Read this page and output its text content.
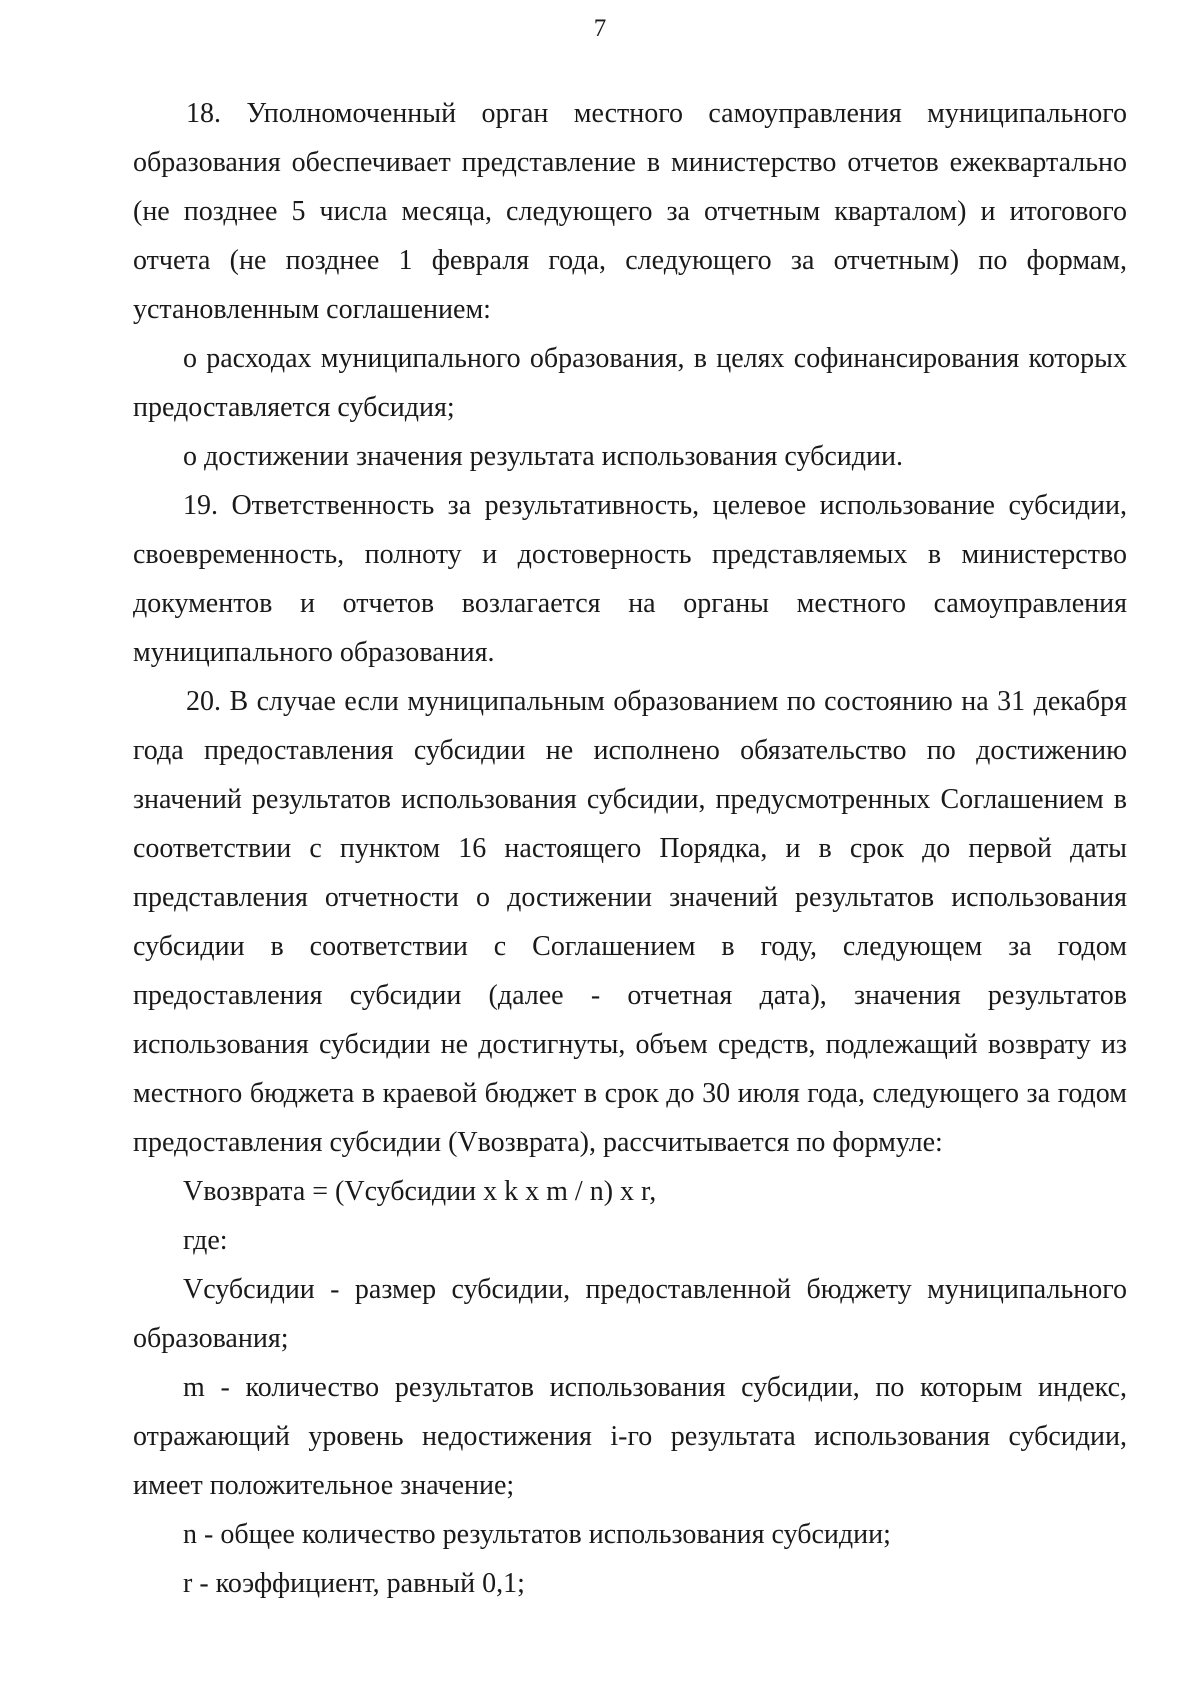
7

18. Уполномоченный орган местного самоуправления муниципального образования обеспечивает представление в министерство отчетов ежеквартально (не позднее 5 числа месяца, следующего за отчетным кварталом) и итогового отчета (не позднее 1 февраля года, следующего за отчетным) по формам, установленным соглашением:

о расходах муниципального образования, в целях софинансирования которых предоставляется субсидия;

о достижении значения результата использования субсидии.

19. Ответственность за результативность, целевое использование субсидии, своевременность, полноту и достоверность представляемых в министерство документов и отчетов возлагается на органы местного самоуправления муниципального образования.

20. В случае если муниципальным образованием по состоянию на 31 декабря года предоставления субсидии не исполнено обязательство по достижению значений результатов использования субсидии, предусмотренных Соглашением в соответствии с пунктом 16 настоящего Порядка, и в срок до первой даты представления отчетности о достижении значений результатов использования субсидии в соответствии с Соглашением в году, следующем за годом предоставления субсидии (далее - отчетная дата), значения результатов использования субсидии не достигнуты, объем средств, подлежащий возврату из местного бюджета в краевой бюджет в срок до 30 июля года, следующего за годом предоставления субсидии (Vвозврата), рассчитывается по формуле:

Vвозврата = (Vсубсидии x k x m / n) x r,

где:

Vсубсидии - размер субсидии, предоставленной бюджету муниципального образования;

m - количество результатов использования субсидии, по которым индекс, отражающий уровень недостижения i-го результата использования субсидии, имеет положительное значение;

n - общее количество результатов использования субсидии;

r - коэффициент, равный 0,1;
